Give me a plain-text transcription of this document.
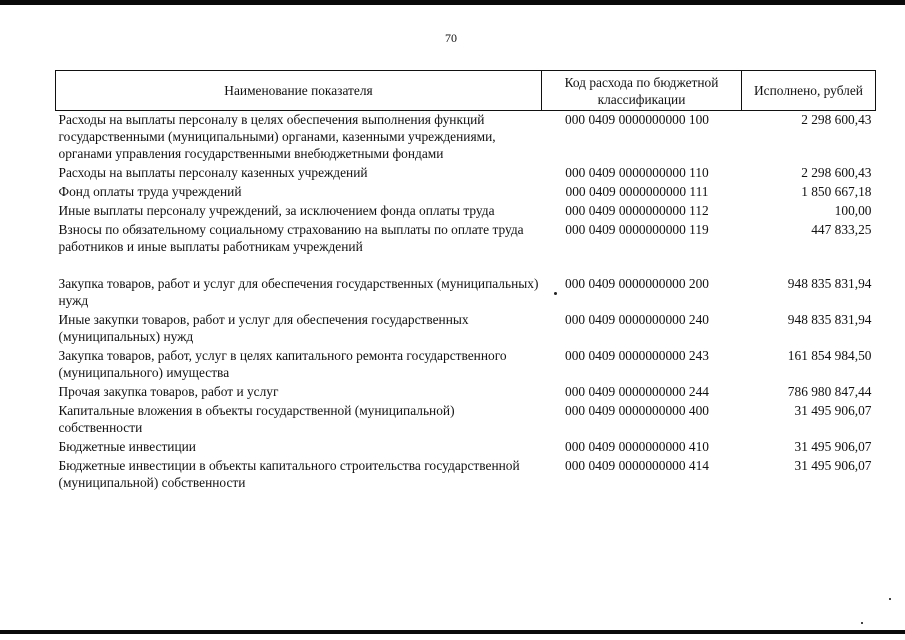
70
Наименование показателя	Код расхода по бюджетной классификации	Исполнено, рублей
Расходы на выплаты персоналу в целях обеспечения выполнения функций государственными (муниципальными) органами, казенными учреждениями, органами управления государственными внебюджетными фондами	000 0409 0000000000 100	2 298 600,43
Расходы на выплаты персоналу казенных учреждений	000 0409 0000000000 110	2 298 600,43
Фонд оплаты труда учреждений	000 0409 0000000000 111	1 850 667,18
Иные выплаты персоналу учреждений, за исключением фонда оплаты труда	000 0409 0000000000 112	100,00
Взносы по обязательному социальному страхованию на выплаты по оплате труда работников и иные выплаты работникам учреждений	000 0409 0000000000 119	447 833,25
Закупка товаров, работ и услуг для обеспечения государственных (муниципальных) нужд	000 0409 0000000000 200	948 835 831,94
Иные закупки товаров, работ и услуг для обеспечения государственных (муниципальных) нужд	000 0409 0000000000 240	948 835 831,94
Закупка товаров, работ, услуг в целях капитального ремонта государственного (муниципального) имущества	000 0409 0000000000 243	161 854 984,50
Прочая закупка товаров, работ и услуг	000 0409 0000000000 244	786 980 847,44
Капитальные вложения в объекты государственной (муниципальной) собственности	000 0409 0000000000 400	31 495 906,07
Бюджетные инвестиции	000 0409 0000000000 410	31 495 906,07
Бюджетные инвестиции в объекты капитального строительства государственной (муниципальной) собственности	000 0409 0000000000 414	31 495 906,07
